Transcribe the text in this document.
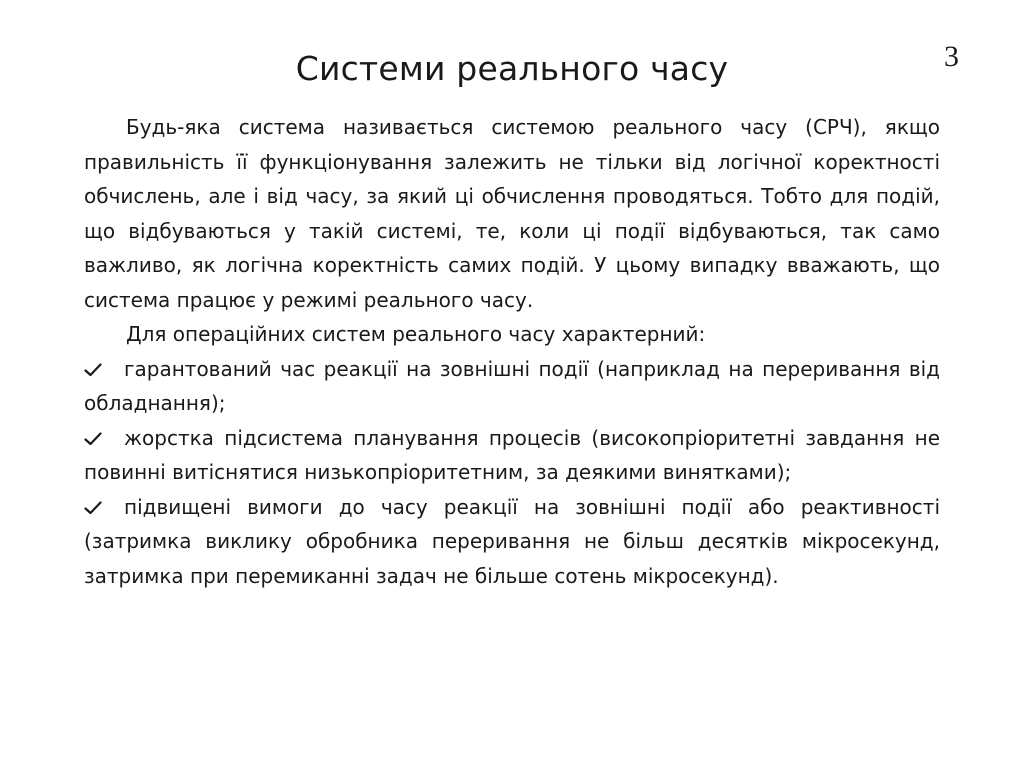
3
Системи реального часу

Будь-яка система називається системою реального часу (СРЧ), якщо правильність її функціонування залежить не тільки від логічної коректності обчислень, але і від часу, за який ці обчислення проводяться. Тобто для подій, що відбуваються у такій системі, те, коли ці події відбуваються, так само важливо, як логічна коректність самих подій. У цьому випадку вважають, що система працює у режимі реального часу.

Для операційних систем реального часу характерний:

гарантований час реакції на зовнішні події (наприклад на переривання від обладнання);

жорстка підсистема планування процесів (високопріоритетні завдання не повинні витіснятися низькопріоритетним, за деякими винятками);

підвищені вимоги до часу реакції на зовнішні події або реактивності (затримка виклику обробника переривання не більш десятків мікросекунд, затримка при перемиканні задач не більше сотень мікросекунд).
